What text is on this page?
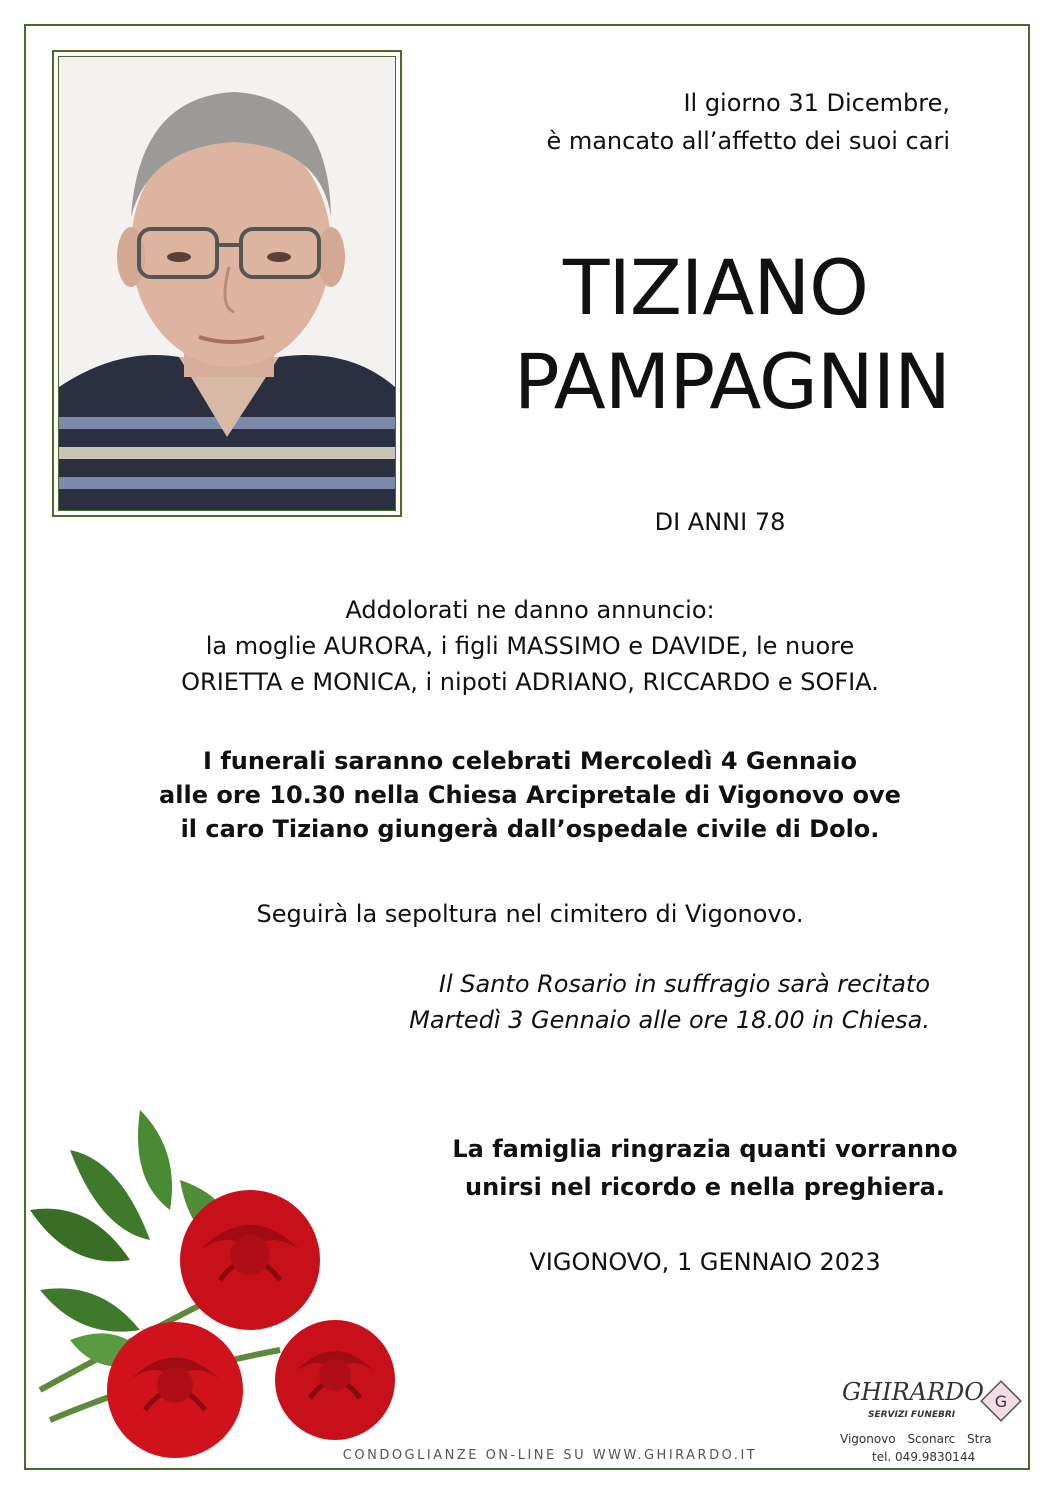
Il giorno 31 Dicembre,
è mancato all’affetto dei suoi cari
TIZIANO
PAMPAGNIN
DI ANNI 78
Addolorati ne danno annuncio:
la moglie AURORA, i figli MASSIMO e DAVIDE, le nuore
ORIETTA e MONICA, i nipoti ADRIANO, RICCARDO e SOFIA.
I funerali saranno celebrati Mercoledì 4 Gennaio
alle ore 10.30 nella Chiesa Arcipretale di Vigonovo ove
il caro Tiziano giungerà dall’ospedale civile di Dolo.
Seguirà la sepoltura nel cimitero di Vigonovo.
Il Santo Rosario in suffragio sarà recitato
Martedì 3 Gennaio alle ore 18.00 in Chiesa.
La famiglia ringrazia quanti vorranno
unirsi nel ricordo e nella preghiera.
VIGONOVO, 1 GENNAIO 2023
CONDOGLIANZE ON-LINE SU WWW.GHIRARDO.IT
GHIRARDO
SERVIZI FUNEBRI
G
Vigonovo Sconarc Stra
tel. 049.9830144
